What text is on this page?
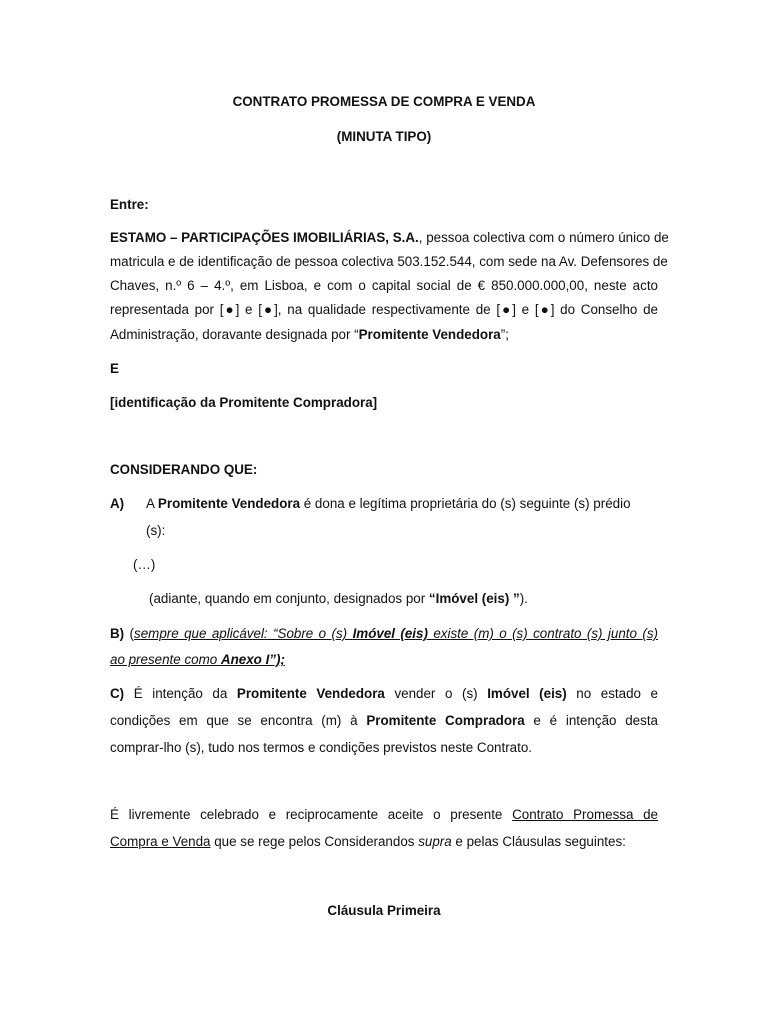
CONTRATO PROMESSA DE COMPRA E VENDA
(MINUTA TIPO)
Entre:
ESTAMO – PARTICIPAÇÕES IMOBILIÁRIAS, S.A., pessoa colectiva com o número único de
matricula e de identificação de pessoa colectiva 503.152.544, com sede na Av. Defensores de
Chaves, n.º 6 – 4.º, em Lisboa, e com o capital social de € 850.000.000,00, neste acto
representada por [●] e [●], na qualidade respectivamente de [●] e [●] do Conselho de
Administração, doravante designada por “Promitente Vendedora”;
E
[identificação da Promitente Compradora]
CONSIDERANDO QUE:
A) A Promitente Vendedora é dona e legítima proprietária do (s) seguinte (s) prédio
(s):
(…)
(adiante, quando em conjunto, designados por “Imóvel (eis) ”).
B) (sempre que aplicável: “Sobre o (s) Imóvel (eis) existe (m) o (s) contrato (s) junto (s)
ao presente como Anexo I”);
C) É intenção da Promitente Vendedora vender o (s) Imóvel (eis) no estado e
condições em que se encontra (m) à Promitente Compradora e é intenção desta
comprar-lho (s), tudo nos termos e condições previstos neste Contrato.
É livremente celebrado e reciprocamente aceite o presente Contrato Promessa de
Compra e Venda que se rege pelos Considerandos supra e pelas Cláusulas seguintes:
Cláusula Primeira
